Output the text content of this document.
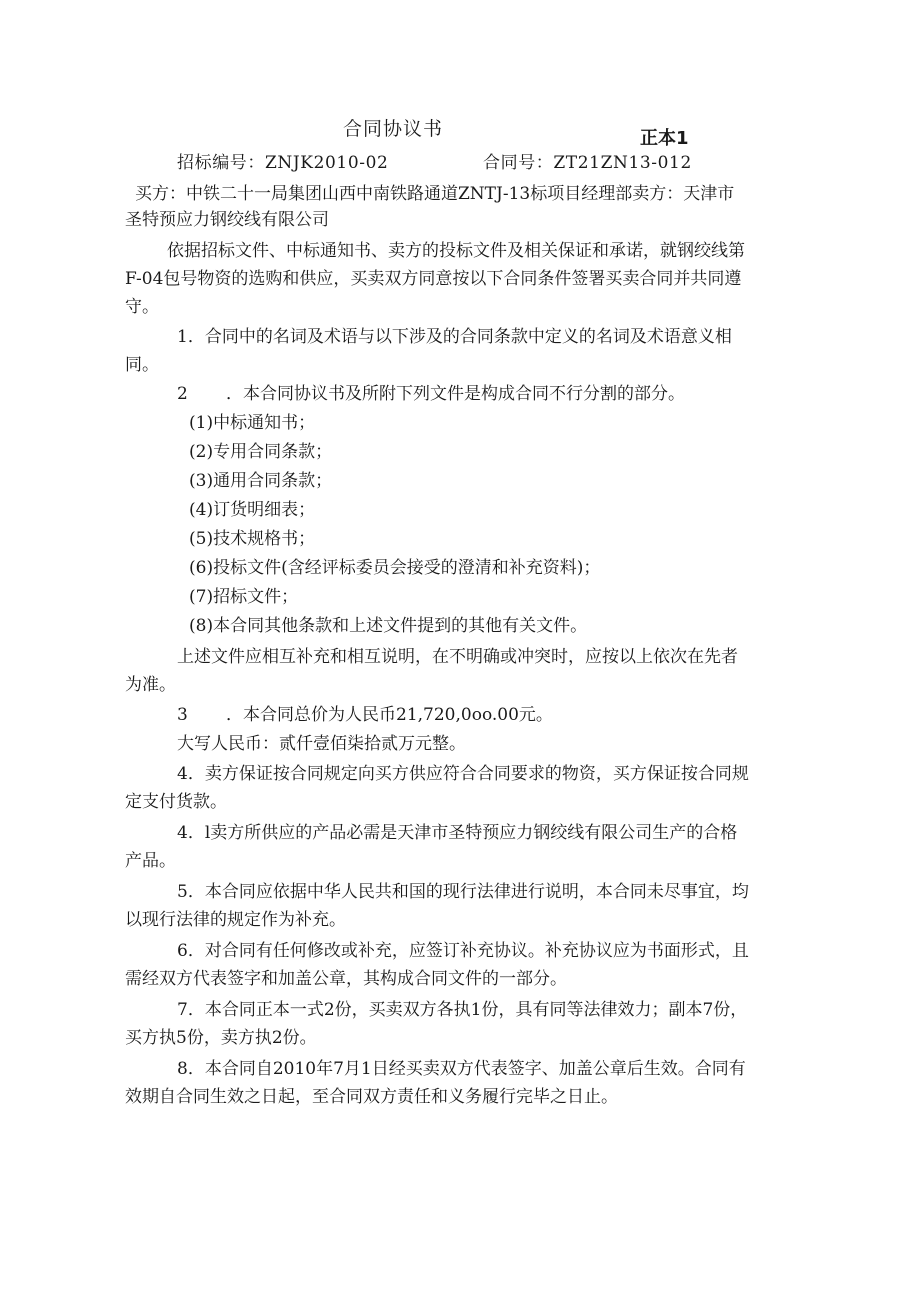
合同协议书	正本1
招标编号：ZNJK2010-02	合同号：ZT21ZN13-012
买方：中铁二十一局集团山西中南铁路通道ZNTJ-13标项目经理部卖方：天津市
圣特预应力钢绞线有限公司
依据招标文件、中标通知书、卖方的投标文件及相关保证和承诺，就钢绞线第
F-04包号物资的选购和供应，买卖双方同意按以下合同条件签署买卖合同并共同遵
守。
1．合同中的名词及术语与以下涉及的合同条款中定义的名词及术语意义相
同。
2 ．本合同协议书及所附下列文件是构成合同不行分割的部分。
(1)中标通知书；
(2)专用合同条款；
(3)通用合同条款；
(4)订货明细表；
(5)技术规格书；
(6)投标文件(含经评标委员会接受的澄清和补充资料)；
(7)招标文件；
(8)本合同其他条款和上述文件提到的其他有关文件。
上述文件应相互补充和相互说明，在不明确或冲突时，应按以上依次在先者
为准。
3 ．本合同总价为人民币21,720,0oo.00元。
大写人民币：贰仟壹佰柒拾贰万元整。
4．卖方保证按合同规定向买方供应符合合同要求的物资，买方保证按合同规
定支付货款。
4．l卖方所供应的产品必需是天津市圣特预应力钢绞线有限公司生产的合格
产品。
5．本合同应依据中华人民共和国的现行法律进行说明，本合同未尽事宜，均
以现行法律的规定作为补充。
6．对合同有任何修改或补充，应签订补充协议。补充协议应为书面形式，且
需经双方代表签字和加盖公章，其构成合同文件的一部分。
7．本合同正本一式2份，买卖双方各执1份，具有同等法律效力；副本7份，
买方执5份，卖方执2份。
8．本合同自2010年7月1日经买卖双方代表签字、加盖公章后生效。合同有
效期自合同生效之日起，至合同双方责任和义务履行完毕之日止。
